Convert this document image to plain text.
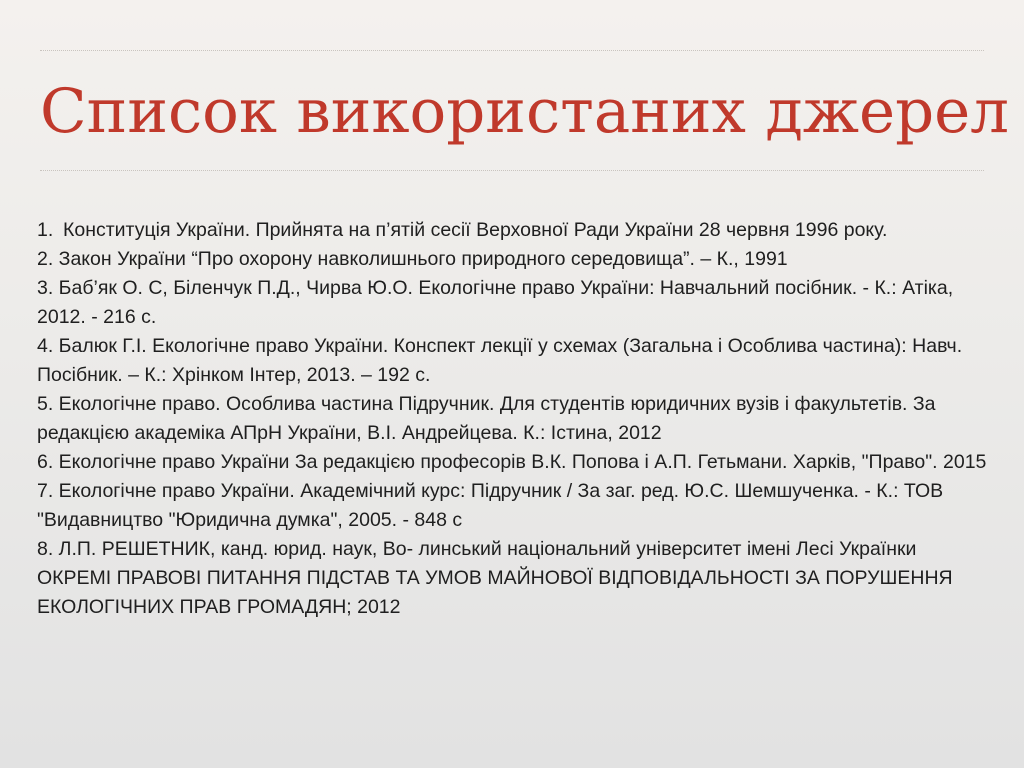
Список використаних джерел
1. Конституція України. Прийнята на п’ятій сесії Верховної Ради України 28 червня 1996 року.
2. Закон України “Про охорону навколишнього природного середовища”. – К., 1991
3. Баб’як О. С, Біленчук П.Д., Чирва Ю.О. Екологічне право України: Навчальний посібник. - К.: Атіка, 2012. - 216 с.
4. Балюк Г.І. Екологічне право України. Конспект лекції у схемах (Загальна і Особлива частина): Навч. Посібник. – К.: Хрінком Інтер, 2013. – 192 с.
5. Екологічне право. Особлива частина Підручник. Для студентів юридичних вузів і факультетів. За редакцією академіка АПрН України, В.І. Андрейцева. К.: Істина, 2012
6. Екологічне право України За редакцією професорів В.К. Попова і А.П. Гетьмани. Харків, "Право". 2015
7. Екологічне право України. Академічний курс: Підручник / За заг. ред. Ю.С. Шемшученка. - К.: ТОВ "Видавництво "Юридична думка", 2005. - 848 с
8. Л.П. РЕШЕТНИК, канд. юрид. наук, Во- линський національний університет імені Лесі Українки ОКРЕМІ ПРАВОВІ ПИТАННЯ ПІДСТАВ ТА УМОВ МАЙНОВОЇ ВІДПОВІДАЛЬНОСТІ ЗА ПОРУШЕННЯ ЕКОЛОГІЧНИХ ПРАВ ГРОМАДЯН; 2012
